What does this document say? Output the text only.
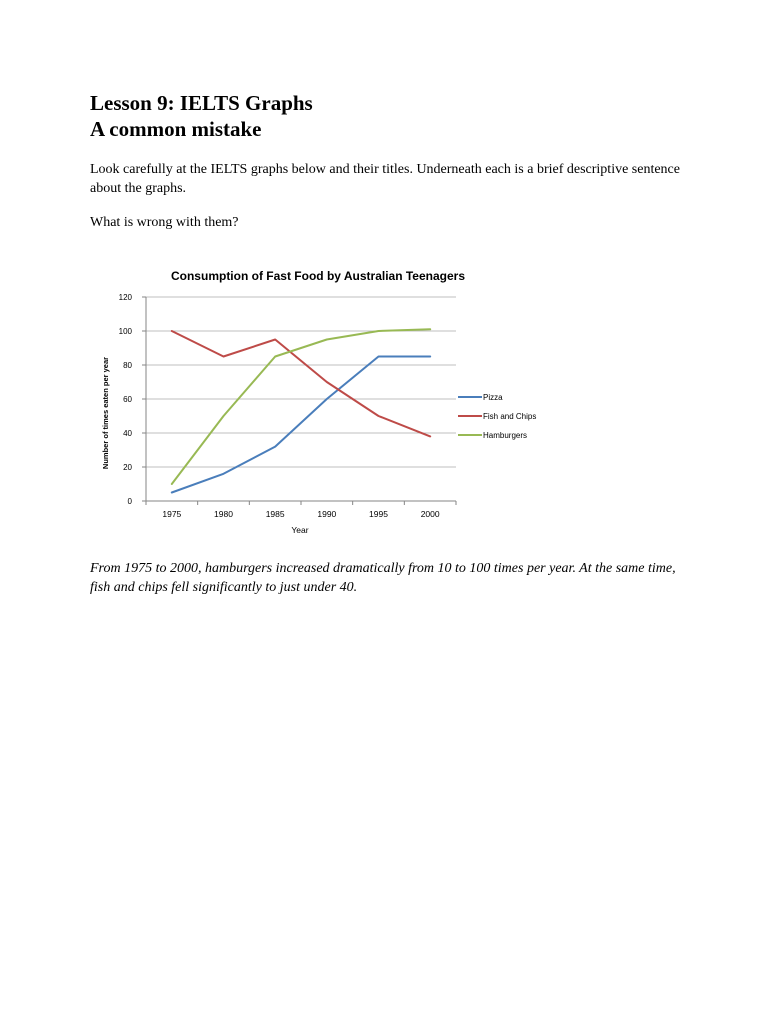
Lesson 9: IELTS Graphs
A common mistake

Look carefully at the IELTS graphs below and their titles. Underneath each is a brief descriptive sentence about the graphs.

What is wrong with them?

Consumption of Fast Food by Australian Teenagers
0
20
40
60
80
100
120
1975	1980	1985	1990	1995	2000
Year
Number of times eaten per year	Pizza
Fish and Chips
Hamburgers

From 1975 to 2000, hamburgers increased dramatically from 10 to 100 times per year. At the same time, fish and chips fell significantly to just under 40.
